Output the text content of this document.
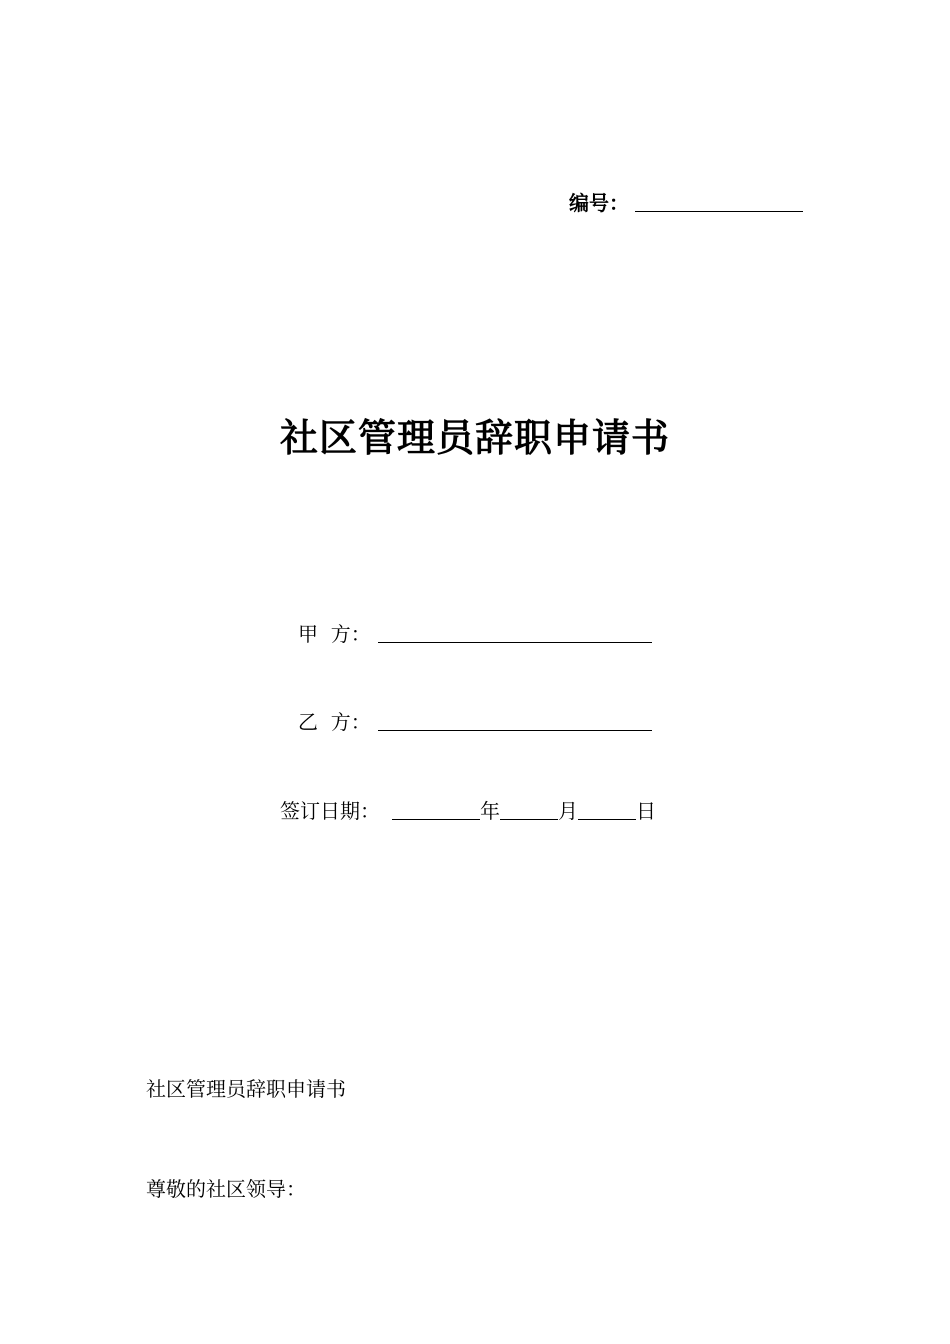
编号：
社区管理员辞职申请书
甲  方：
乙  方：
签订日期：	年	月	日
社区管理员辞职申请书
尊敬的社区领导：
